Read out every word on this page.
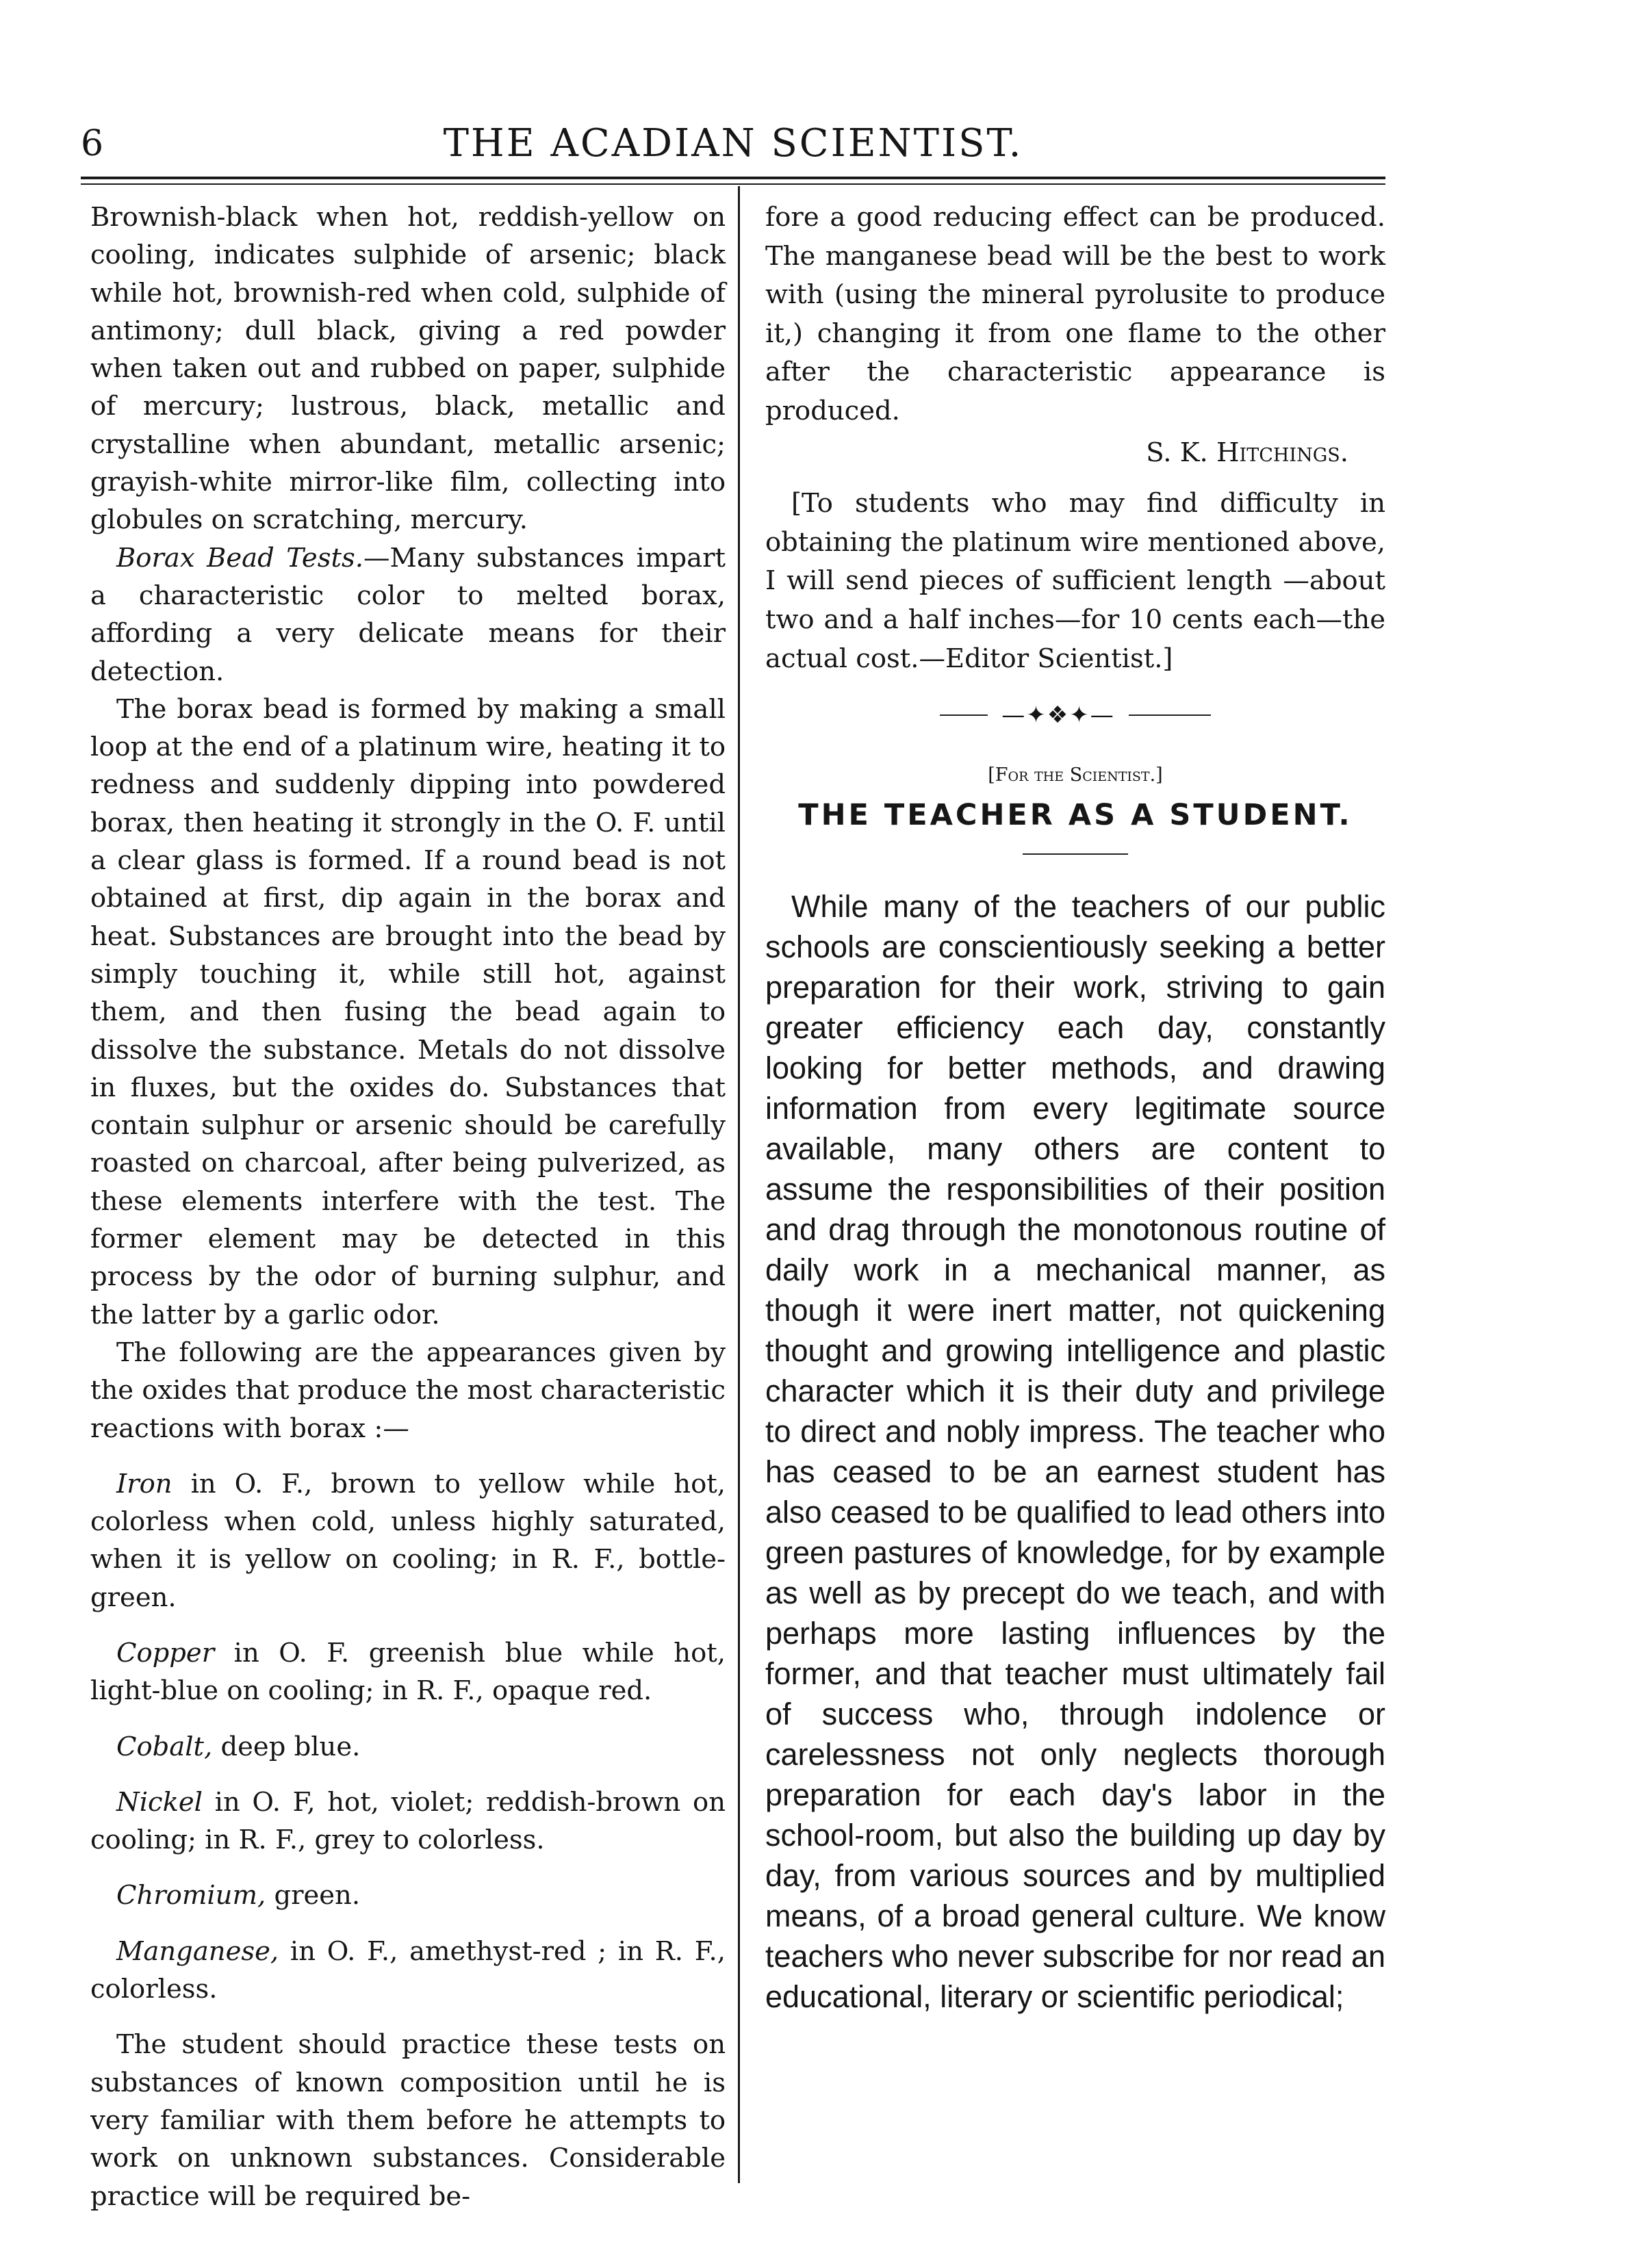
6	THE ACADIAN SCIENTIST.

Brownish-black when hot, reddish-yellow on cooling, indicates sulphide of arsenic; black while hot, brownish-red when cold, sulphide of antimony; dull black, giving a red powder when taken out and rubbed on paper, sulphide of mercury; lustrous, black, metallic and crystalline when abundant, metallic arsenic; grayish-white mirror-like film, collecting into globules on scratching, mercury.

Borax Bead Tests.—Many substances impart a characteristic color to melted borax, affording a very delicate means for their detection.

The borax bead is formed by making a small loop at the end of a platinum wire, heating it to redness and suddenly dipping into powdered borax, then heating it strongly in the O. F. until a clear glass is formed. If a round bead is not obtained at first, dip again in the borax and heat. Substances are brought into the bead by simply touching it, while still hot, against them, and then fusing the bead again to dissolve the substance. Metals do not dissolve in fluxes, but the oxides do. Substances that contain sulphur or arsenic should be carefully roasted on charcoal, after being pulverized, as these elements interfere with the test. The former element may be detected in this process by the odor of burning sulphur, and the latter by a garlic odor.

The following are the appearances given by the oxides that produce the most characteristic reactions with borax :—

Iron in O. F., brown to yellow while hot, colorless when cold, unless highly saturated, when it is yellow on cooling; in R. F., bottle-green.

Copper in O. F. greenish blue while hot, light-blue on cooling; in R. F., opaque red.

Cobalt, deep blue.

Nickel in O. F, hot, violet; reddish-brown on cooling; in R. F., grey to colorless.

Chromium, green.

Manganese, in O. F., amethyst-red ; in R. F., colorless.

The student should practice these tests on substances of known composition until he is very familiar with them before he attempts to work on unknown substances. Considerable practice will be required be-

fore a good reducing effect can be produced. The manganese bead will be the best to work with (using the mineral pyrolusite to produce it,) changing it from one flame to the other after the characteristic appearance is produced.

S. K. Hitchings.

[To students who may find difficulty in obtaining the platinum wire mentioned above, I will send pieces of sufficient length —about two and a half inches—for 10 cents each—the actual cost.—Editor Scientist.]

—✦❖✦—
[For the Scientist.]
THE TEACHER AS A STUDENT.

While many of the teachers of our public schools are conscientiously seeking a better preparation for their work, striving to gain greater efficiency each day, constantly looking for better methods, and drawing information from every legitimate source available, many others are content to assume the responsibilities of their position and drag through the monotonous routine of daily work in a mechanical manner, as though it were inert matter, not quickening thought and growing intelligence and plastic character which it is their duty and privilege to direct and nobly impress. The teacher who has ceased to be an earnest student has also ceased to be qualified to lead others into green pastures of knowledge, for by example as well as by precept do we teach, and with perhaps more lasting influences by the former, and that teacher must ultimately fail of success who, through indolence or carelessness not only neglects thorough preparation for each day's labor in the school-room, but also the building up day by day, from various sources and by multiplied means, of a broad general culture. We know teachers who never subscribe for nor read an educational, literary or scientific periodical;
